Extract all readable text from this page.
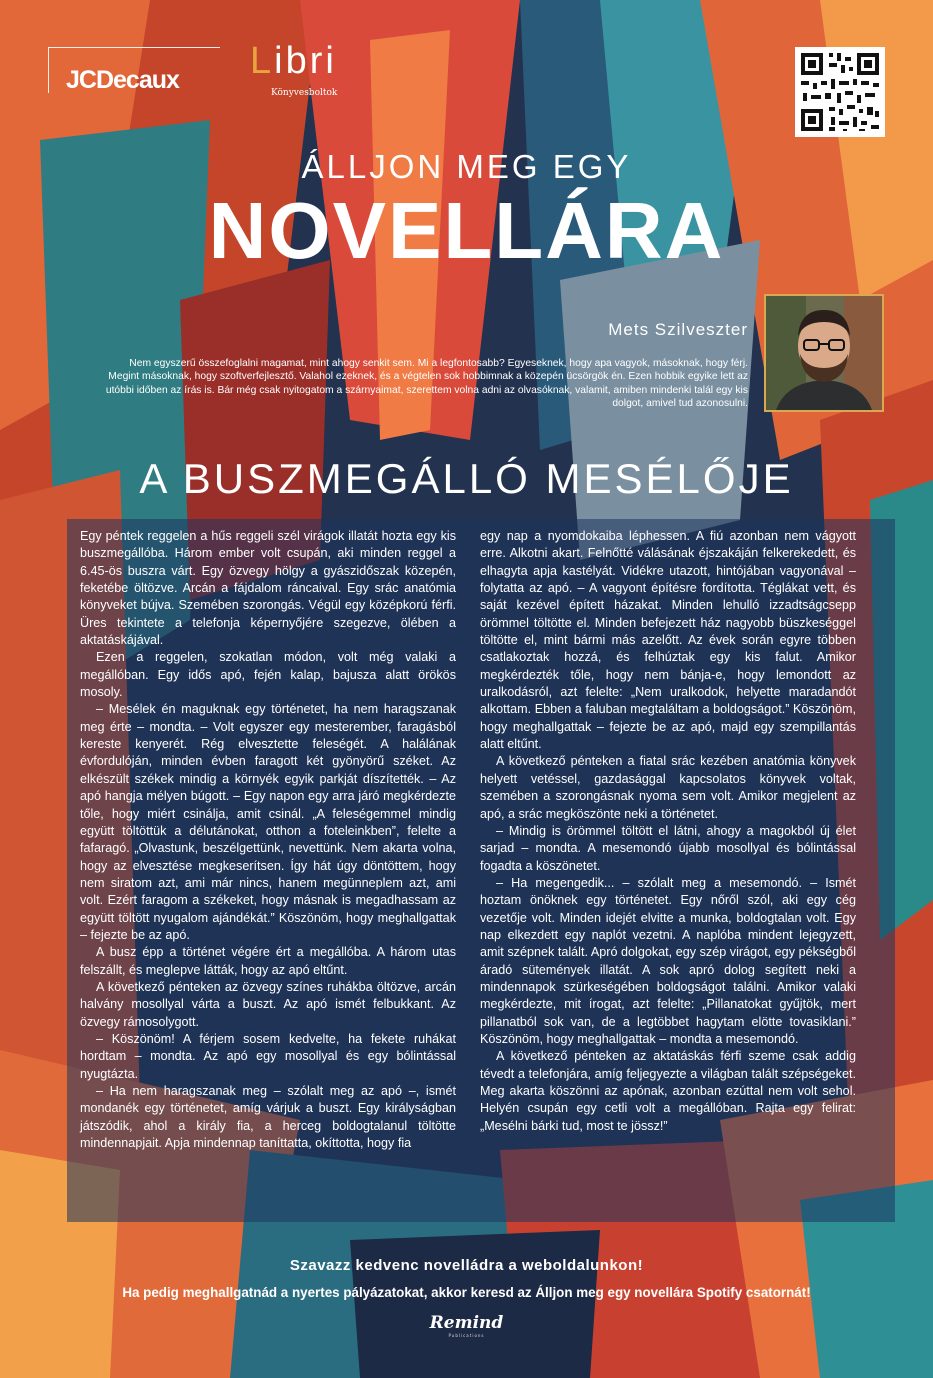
JCDecaux Libri
Könyvesboltok
ÁLLJON MEG EGY
NOVELLÁRA
Mets Szilveszter
Nem egyszerű összefoglalni magamat, mint ahogy senkit sem. Mi a legfontosabb? Egyeseknek, hogy apa vagyok, másoknak, hogy férj. Megint másoknak, hogy szoftverfejlesztő. Valahol ezeknek, és a végtelen sok hobbimnak a közepén ücsörgök én. Ezen hobbik egyike lett az utóbbi időben az írás is. Bár még csak nyitogatom a szárnyaimat, szerettem volna adni az olvasóknak, valamit, amiben mindenki talál egy kis dolgot, amivel tud azonosulni.
A BUSZMEGÁLLÓ MESÉLŐJE

Egy péntek reggelen a hűs reggeli szél virágok illatát hozta egy kis buszmegállóba. Három ember volt csupán, aki minden reggel a 6.45-ös buszra várt. Egy özvegy hölgy a gyászidőszak közepén, feketébe öltözve. Arcán a fájdalom ráncaival. Egy srác anatómia könyveket bújva. Szemében szorongás. Végül egy középkorú férfi. Üres tekintete a telefonja képernyőjére szegezve, ölében a aktatáskájával.

Ezen a reggelen, szokatlan módon, volt még valaki a megállóban. Egy idős apó, fején kalap, bajusza alatt örökös mosoly.

– Mesélek én maguknak egy történetet, ha nem haragszanak meg érte – mondta. – Volt egyszer egy mesterember, faragásból kereste kenyerét. Rég elvesztette feleségét. A halálának évfordulóján, minden évben faragott két gyönyörű széket. Az elkészült székek mindig a környék egyik parkját díszítették. – Az apó hangja mélyen búgott. – Egy napon egy arra járó megkérdezte tőle, hogy miért csinálja, amit csinál. „A feleségemmel mindig együtt töltöttük a délutánokat, otthon a foteleinkben”, felelte a fafaragó. „Olvastunk, beszélgettünk, nevettünk. Nem akarta volna, hogy az elvesztése megkeserítsen. Így hát úgy döntöttem, hogy nem siratom azt, ami már nincs, hanem megünneplem azt, ami volt. Ezért faragom a székeket, hogy másnak is megadhassam az együtt töltött nyugalom ajándékát.” Köszönöm, hogy meghallgattak – fejezte be az apó.

A busz épp a történet végére ért a megállóba. A három utas felszállt, és meglepve látták, hogy az apó eltűnt.

A következő pénteken az özvegy színes ruhákba öltözve, arcán halvány mosollyal várta a buszt. Az apó ismét felbukkant. Az özvegy rámosolygott.

– Köszönöm! A férjem sosem kedvelte, ha fekete ruhákat hordtam – mondta. Az apó egy mosollyal és egy bólintással nyugtázta.

– Ha nem haragszanak meg – szólalt meg az apó –, ismét mondanék egy történetet, amíg várjuk a buszt. Egy királyságban játszódik, ahol a király fia, a herceg boldogtalanul töltötte mindennapjait. Apja mindennap taníttatta, okíttotta, hogy fia

egy nap a nyomdokaiba léphessen. A fiú azonban nem vágyott erre. Alkotni akart. Felnőtté válásának éjszakáján felkerekedett, és elhagyta apja kastélyát. Vidékre utazott, hintójában vagyonával – folytatta az apó. – A vagyont építésre fordította. Téglákat vett, és saját kezével épített házakat. Minden lehulló izzadtságcsepp örömmel töltötte el. Minden befejezett ház nagyobb büszkeséggel töltötte el, mint bármi más azelőtt. Az évek során egyre többen csatlakoztak hozzá, és felhúztak egy kis falut. Amikor megkérdezték tőle, hogy nem bánja-e, hogy lemondott az uralkodásról, azt felelte: „Nem uralkodok, helyette maradandót alkottam. Ebben a faluban megtaláltam a boldogságot.” Köszönöm, hogy meghallgattak – fejezte be az apó, majd egy szempillantás alatt eltűnt.

A következő pénteken a fiatal srác kezében anatómia könyvek helyett vetéssel, gazdasággal kapcsolatos könyvek voltak, szemében a szorongásnak nyoma sem volt. Amikor megjelent az apó, a srác megköszönte neki a történetet.

– Mindig is örömmel töltött el látni, ahogy a magokból új élet sarjad – mondta. A mesemondó újabb mosollyal és bólintással fogadta a köszönetet.

– Ha megengedik... – szólalt meg a mesemondó. – Ismét hoztam önöknek egy történetet. Egy nőről szól, aki egy cég vezetője volt. Minden idejét elvitte a munka, boldogtalan volt. Egy nap elkezdett egy naplót vezetni. A naplóba mindent lejegyzett, amit szépnek talált. Apró dolgokat, egy szép virágot, egy pékségből áradó sütemények illatát. A sok apró dolog segített neki a mindennapok szürkeségében boldogságot találni. Amikor valaki megkérdezte, mit írogat, azt felelte: „Pillanatokat gyűjtök, mert pillanatból sok van, de a legtöbbet hagytam elötte tovasiklani.” Köszönöm, hogy meghallgattak – mondta a mesemondó.

A következő pénteken az aktatáskás férfi szeme csak addig tévedt a telefonjára, amíg feljegyezte a világban talált szépségeket. Meg akarta köszönni az apónak, azonban ezúttal nem volt sehol. Helyén csupán egy cetli volt a megállóban. Rajta egy felirat: „Mesélni bárki tud, most te jössz!”

Szavazz kedvenc novelládra a weboldalunkon!
Ha pedig meghallgatnád a nyertes pályázatokat, akkor keresd az Álljon meg egy novellára Spotify csatornát!
Remind
Publications
